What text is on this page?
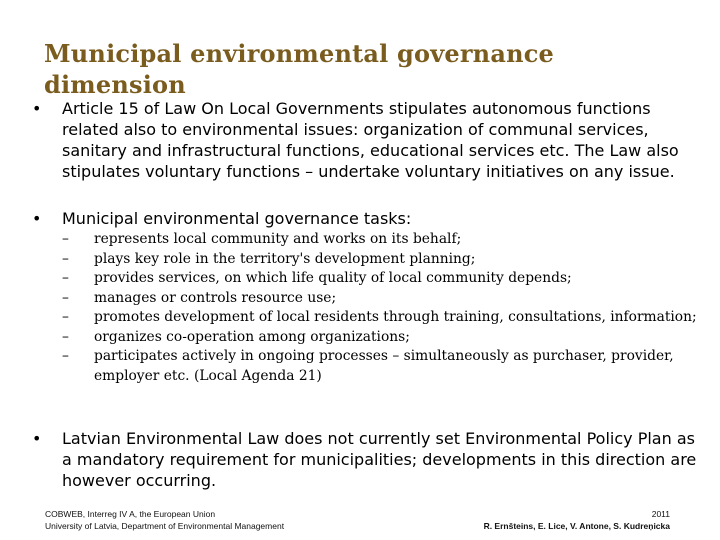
Municipal environmental governance
dimension
•	Article 15 of Law On Local Governments stipulates autonomous functions related also to environmental issues: organization of communal services, sanitary and infrastructural functions, educational services etc. The Law also stipulates voluntary functions – undertake voluntary initiatives on any issue.
•	Municipal environmental governance tasks:
–	represents local community and works on its behalf;
–	plays key role in the territory's development planning;
–	provides services, on which life quality of local community depends;
–	manages or controls resource use;
–	promotes development of local residents through training, consultations, information;
–	organizes co-operation among organizations;
–	participates actively in ongoing processes – simultaneously as purchaser, provider, employer etc. (Local Agenda 21)
•	Latvian Environmental Law does not currently set Environmental Policy Plan as a mandatory requirement for municipalities; developments in this direction are however occurring.
COBWEB, Interreg IV A, the European Union
University of Latvia, Department of Environmental Management
2011
R. Ernšteins, E. Lice, V. Antone, S. Kudreņicka
